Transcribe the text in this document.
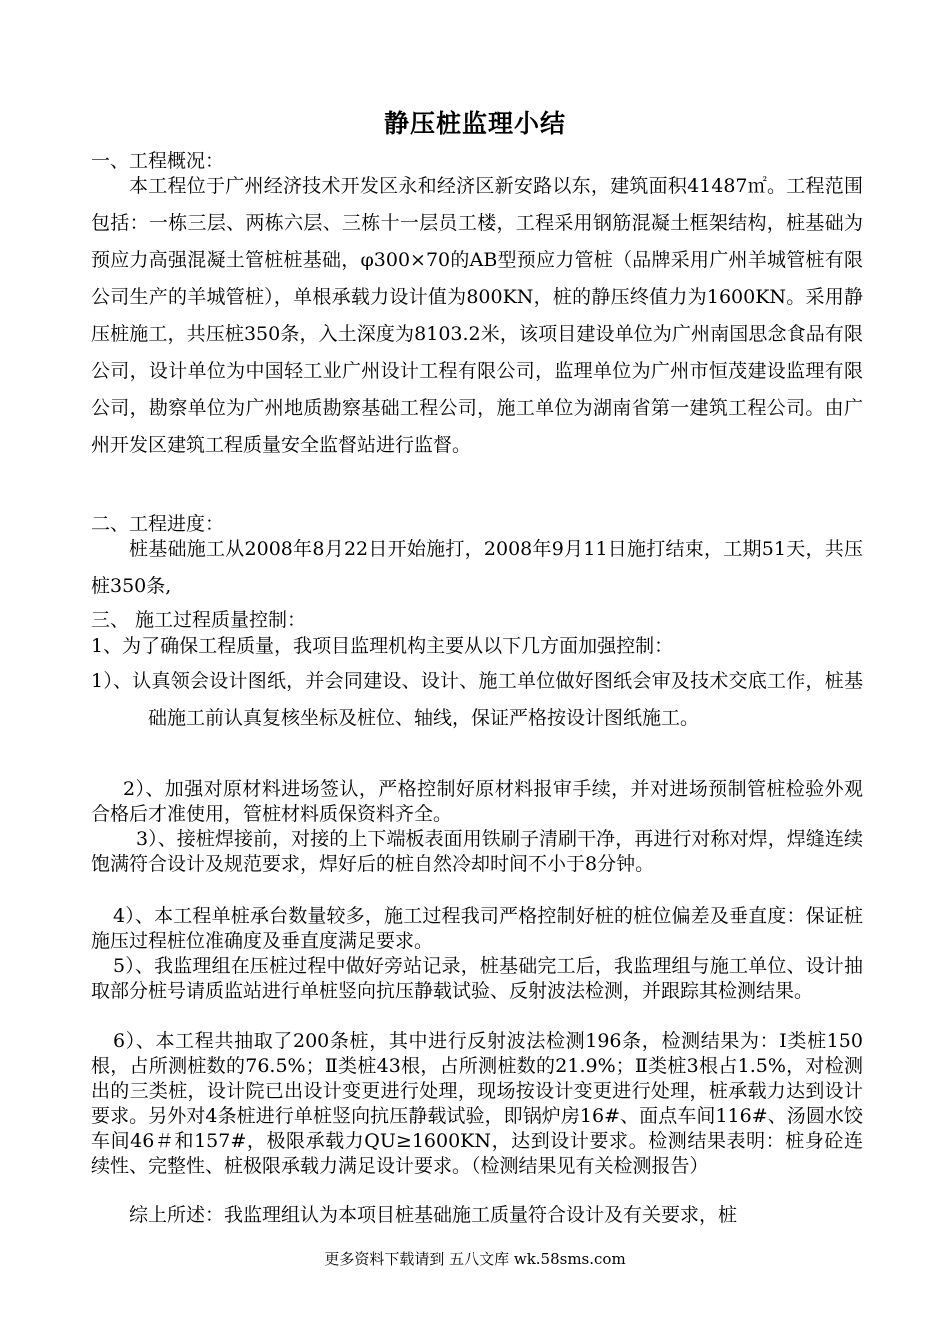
静压桩监理小结
一、工程概况：
本工程位于广州经济技术开发区永和经济区新安路以东，建筑面积41487㎡。工程范围包括：一栋三层、两栋六层、三栋十一层员工楼，工程采用钢筋混凝土框架结构，桩基础为预应力高强混凝土管桩桩基础，φ300×70的AB型预应力管桩（品牌采用广州羊城管桩有限公司生产的羊城管桩），单根承载力设计值为800KN，桩的静压终值力为1600KN。采用静压桩施工，共压桩350条，入土深度为8103.2米，该项目建设单位为广州南国思念食品有限公司，设计单位为中国轻工业广州设计工程有限公司，监理单位为广州市恒茂建设监理有限公司，勘察单位为广州地质勘察基础工程公司，施工单位为湖南省第一建筑工程公司。由广州开发区建筑工程质量安全监督站进行监督。
二、工程进度：
桩基础施工从2008年8月22日开始施打，2008年9月11日施打结束，工期51天，共压桩350条,
三、 施工过程质量控制：
1、为了确保工程质量，我项目监理机构主要从以下几方面加强控制：
1）、认真领会设计图纸，并会同建设、设计、施工单位做好图纸会审及技术交底工作，桩基础施工前认真复核坐标及桩位、轴线，保证严格按设计图纸施工。
2）、加强对原材料进场签认，严格控制好原材料报审手续，并对进场预制管桩检验外观合格后才准使用，管桩材料质保资料齐全。
3）、接桩焊接前，对接的上下端板表面用铁刷子清刷干净，再进行对称对焊，焊缝连续饱满符合设计及规范要求，焊好后的桩自然冷却时间不小于8分钟。
4）、本工程单桩承台数量较多，施工过程我司严格控制好桩的桩位偏差及垂直度：保证桩施压过程桩位准确度及垂直度满足要求。
5）、我监理组在压桩过程中做好旁站记录，桩基础完工后，我监理组与施工单位、设计抽取部分桩号请质监站进行单桩竖向抗压静载试验、反射波法检测，并跟踪其检测结果。
6）、本工程共抽取了200条桩，其中进行反射波法检测196条，检测结果为：Ⅰ类桩150根，占所测桩数的76.5%；Ⅱ类桩43根，占所测桩数的21.9%；Ⅱ类桩3根占1.5%，对检测出的三类桩，设计院已出设计变更进行处理，现场按设计变更进行处理，桩承载力达到设计要求。另外对4条桩进行单桩竖向抗压静载试验，即锅炉房16#、面点车间116#、汤圆水饺车间46＃和157#，极限承载力QU≥1600KN，达到设计要求。检测结果表明：桩身砼连续性、完整性、桩极限承载力满足设计要求。（检测结果见有关检测报告）
综上所述：我监理组认为本项目桩基础施工质量符合设计及有关要求，桩
更多资料下载请到 五八文库 wk.58sms.com
